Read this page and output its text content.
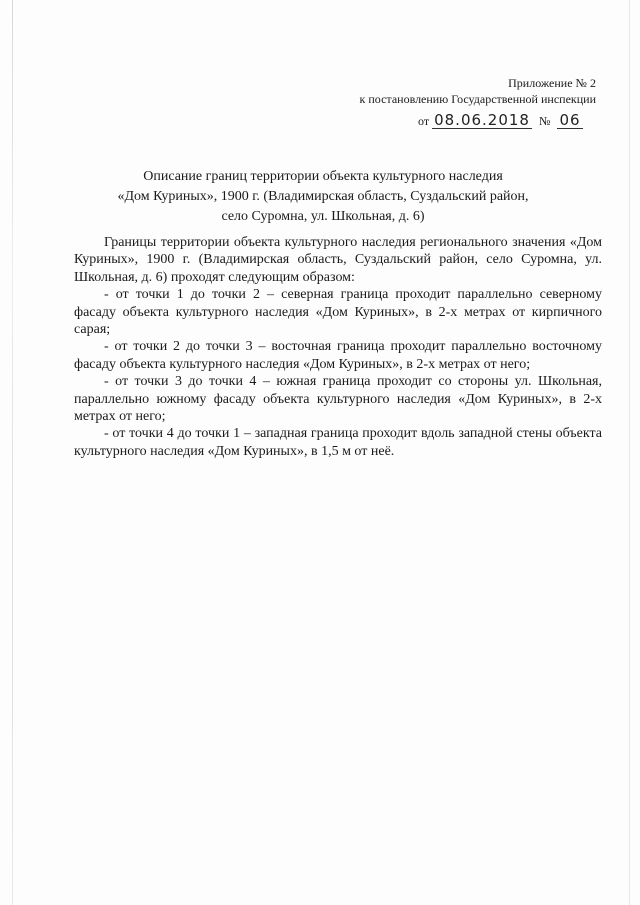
Приложение № 2
к постановлению Государственной инспекции
от 08.06.2018 № 06
Описание границ территории объекта культурного наследия
«Дом Куриных», 1900 г. (Владимирская область, Суздальский район,
село Суромна, ул. Школьная, д. 6)

Границы территории объекта культурного наследия регионального значения «Дом Куриных», 1900 г. (Владимирская область, Суздальский район, село Суромна, ул. Школьная, д. 6) проходят следующим образом:

- от точки 1 до точки 2 – северная граница проходит параллельно северному фасаду объекта культурного наследия «Дом Куриных», в 2-х метрах от кирпичного сарая;

- от точки 2 до точки 3 – восточная граница проходит параллельно восточному фасаду объекта культурного наследия «Дом Куриных», в 2-х метрах от него;

- от точки 3 до точки 4 – южная граница проходит со стороны ул. Школьная, параллельно южному фасаду объекта культурного наследия «Дом Куриных», в 2-х метрах от него;

- от точки 4 до точки 1 – западная граница проходит вдоль западной стены объекта культурного наследия «Дом Куриных», в 1,5 м от неё.
